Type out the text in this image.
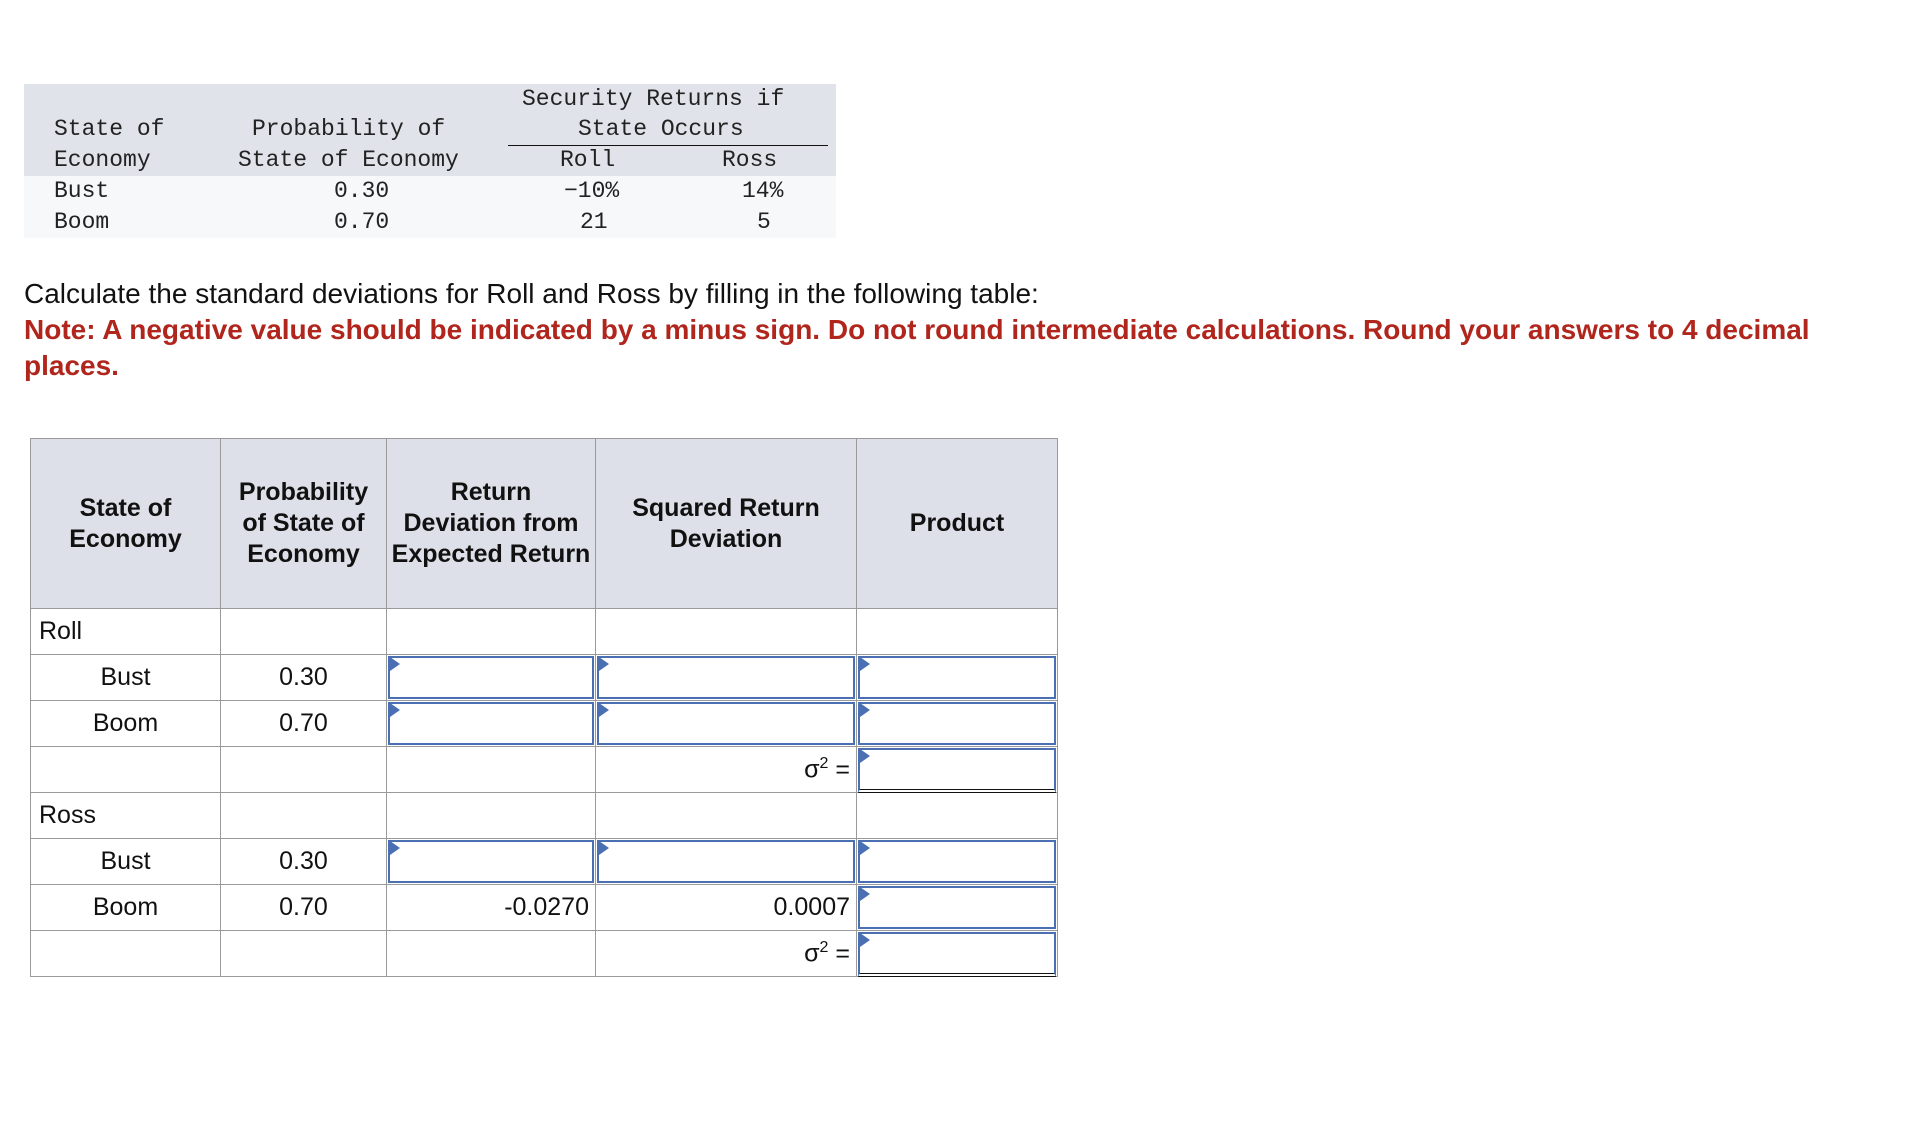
State of
Economy
Probability of
State of Economy
Security Returns if
State Occurs
Roll	Ross
Bust	0.30	−10%	14%
Boom	0.70	21	5
Calculate the standard deviations for Roll and Ross by filling in the following table:
Note: A negative value should be indicated by a minus sign. Do not round intermediate calculations. Round your answers to 4 decimal places.
State of Economy	Probability of State of Economy	Return Deviation from Expected Return	Squared Return Deviation	Product
Roll				
Bust	0.30	

Boom	0.70	

			$\sigma^2$ =	

Ross				
Bust	0.30	

Boom	0.70	-0.0270	0.0007	

			$\sigma^2$ =	
